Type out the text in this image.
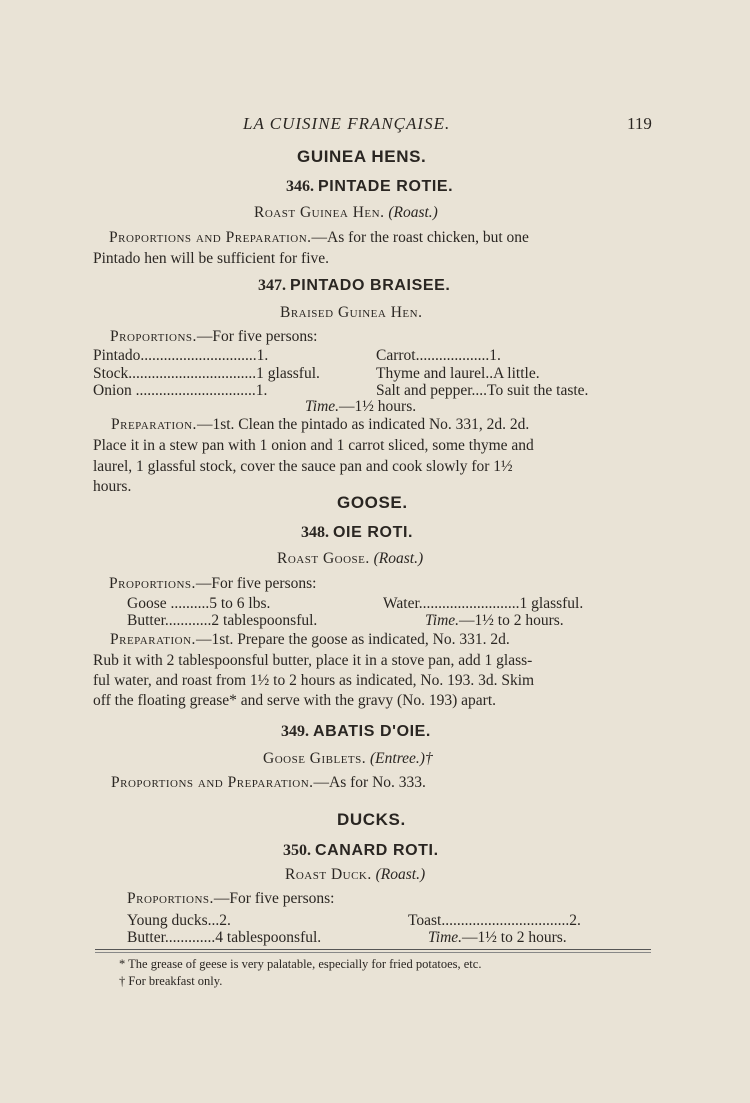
LA CUISINE FRANÇAISE.	119
GUINEA HENS.
346. PINTADE ROTIE.
Roast Guinea Hen. (Roast.)
Proportions and Preparation.—As for the roast chicken, but one
Pintado hen will be sufficient for five.
347. PINTADO BRAISEE.
Braised Guinea Hen.
Proportions.—For five persons:
Pintado..............................1.
Stock.................................1 glassful.
Onion ...............................1.
Carrot...................1.
Thyme and laurel..A little.
Salt and pepper....To suit the taste.
Time.—1½ hours.
Preparation.—1st. Clean the pintado as indicated No. 331, 2d. 2d.
Place it in a stew pan with 1 onion and 1 carrot sliced, some thyme and
laurel, 1 glassful stock, cover the sauce pan and cook slowly for 1½
hours.
GOOSE.
348. OIE ROTI.
Roast Goose. (Roast.)
Proportions.—For five persons:
Goose ..........5 to 6 lbs.
Butter............2 tablespoonsful.
Water..........................1 glassful.
Time.—1½ to 2 hours.
Preparation.—1st. Prepare the goose as indicated, No. 331. 2d.
Rub it with 2 tablespoonsful butter, place it in a stove pan, add 1 glass-
ful water, and roast from 1½ to 2 hours as indicated, No. 193. 3d. Skim
off the floating grease* and serve with the gravy (No. 193) apart.
349. ABATIS D'OIE.
Goose Giblets. (Entree.)†
Proportions and Preparation.—As for No. 333.
DUCKS.
350. CANARD ROTI.
Roast Duck. (Roast.)
Proportions.—For five persons:
Young ducks...2.
Butter.............4 tablespoonsful.
Toast.................................2.
Time.—1½ to 2 hours.
* The grease of geese is very palatable, especially for fried potatoes, etc.
† For breakfast only.
